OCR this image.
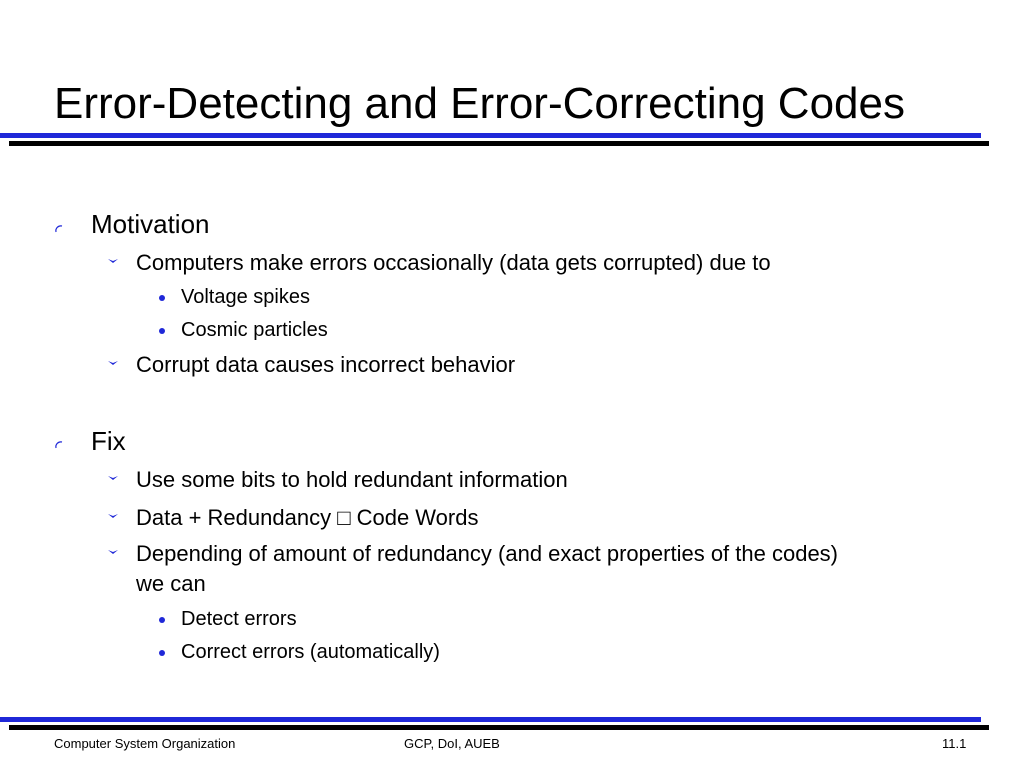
Error-Detecting and Error-Correcting Codes
Motivation
Computers make errors occasionally (data gets corrupted) due to
Voltage spikes
Cosmic particles
Corrupt data causes incorrect behavior
Fix
Use some bits to hold redundant information
Data + Redundancy □ Code Words
Depending of amount of redundancy (and exact properties of the codes)
we can
Detect errors
Correct errors (automatically)
Computer System Organization	GCP, DoI, AUEB	11.1
